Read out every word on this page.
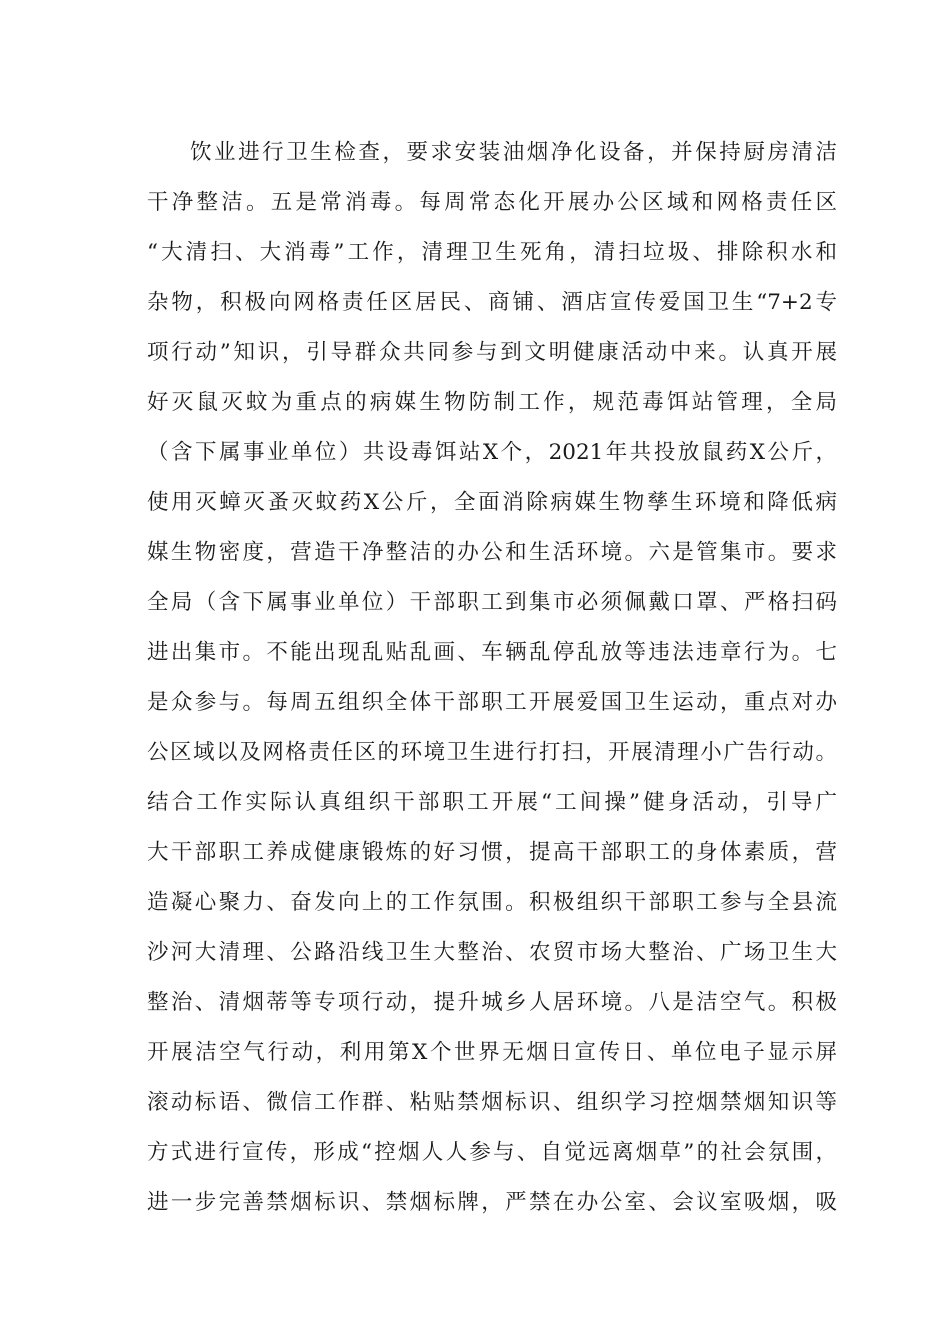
饮业进行卫生检查，要求安装油烟净化设备，并保持厨房清洁
干净整洁。五是常消毒。每周常态化开展办公区域和网格责任区
“大清扫、大消毒”工作，清理卫生死角，清扫垃圾、排除积水和
杂物，积极向网格责任区居民、商铺、酒店宣传爱国卫生“7+2专
项行动”知识，引导群众共同参与到文明健康活动中来。认真开展
好灭鼠灭蚊为重点的病媒生物防制工作，规范毒饵站管理，全局
（含下属事业单位）共设毒饵站X个，2021年共投放鼠药X公斤，
使用灭蟑灭蚤灭蚊药X公斤，全面消除病媒生物孳生环境和降低病
媒生物密度，营造干净整洁的办公和生活环境。六是管集市。要求
全局（含下属事业单位）干部职工到集市必须佩戴口罩、严格扫码
进出集市。不能出现乱贴乱画、车辆乱停乱放等违法违章行为。七
是众参与。每周五组织全体干部职工开展爱国卫生运动，重点对办
公区域以及网格责任区的环境卫生进行打扫，开展清理小广告行动。
结合工作实际认真组织干部职工开展“工间操”健身活动，引导广
大干部职工养成健康锻炼的好习惯，提高干部职工的身体素质，营
造凝心聚力、奋发向上的工作氛围。积极组织干部职工参与全县流
沙河大清理、公路沿线卫生大整治、农贸市场大整治、广场卫生大
整治、清烟蒂等专项行动，提升城乡人居环境。八是洁空气。积极
开展洁空气行动，利用第X个世界无烟日宣传日、单位电子显示屏
滚动标语、微信工作群、粘贴禁烟标识、组织学习控烟禁烟知识等
方式进行宣传，形成“控烟人人参与、自觉远离烟草”的社会氛围，
进一步完善禁烟标识、禁烟标牌，严禁在办公室、会议室吸烟，吸
